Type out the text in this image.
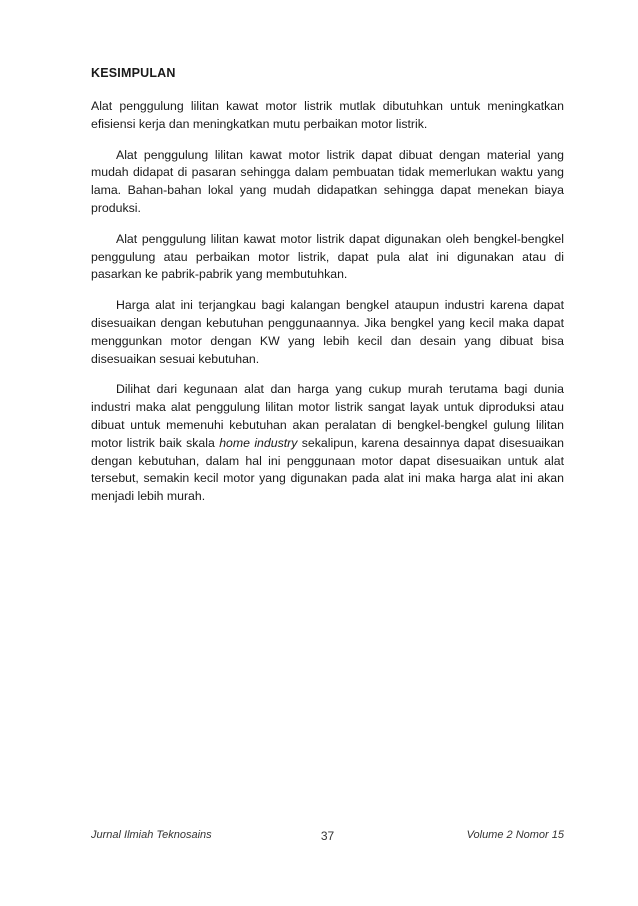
KESIMPULAN

Alat penggulung lilitan kawat motor listrik mutlak dibutuhkan untuk meningkatkan efisiensi kerja dan meningkatkan mutu perbaikan motor listrik.

Alat penggulung lilitan kawat motor listrik dapat dibuat dengan material yang mudah didapat di pasaran sehingga dalam pembuatan tidak memerlukan waktu yang lama. Bahan-bahan lokal yang mudah didapatkan sehingga dapat menekan biaya produksi.

Alat penggulung lilitan kawat motor listrik dapat digunakan oleh bengkel-bengkel penggulung atau perbaikan motor listrik, dapat pula alat ini digunakan atau di pasarkan ke pabrik-pabrik yang membutuhkan.

Harga alat ini terjangkau bagi kalangan bengkel ataupun industri karena dapat disesuaikan dengan kebutuhan penggunaannya. Jika bengkel yang kecil maka dapat menggunkan motor dengan KW yang lebih kecil dan desain yang dibuat bisa disesuaikan sesuai kebutuhan.

Dilihat dari kegunaan alat dan harga yang cukup murah terutama bagi dunia industri maka alat penggulung lilitan motor listrik sangat layak untuk diproduksi atau dibuat untuk memenuhi kebutuhan akan peralatan di bengkel-bengkel gulung lilitan motor listrik baik skala home industry sekalipun, karena desainnya dapat disesuaikan dengan kebutuhan, dalam hal ini penggunaan motor dapat disesuaikan untuk alat tersebut, semakin kecil motor yang digunakan pada alat ini maka harga alat ini akan menjadi lebih murah.

Jurnal Ilmiah Teknosains	37	Volume 2 Nomor 15
